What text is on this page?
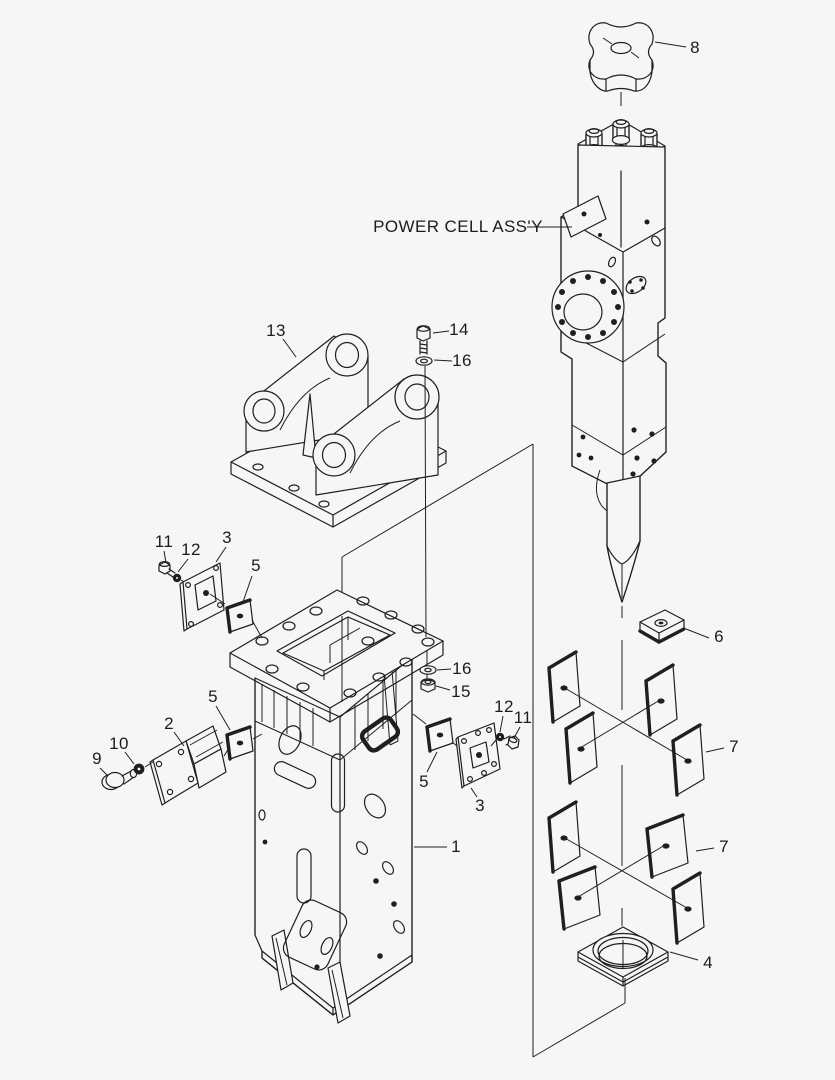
8
POWER CELL ASS'Y
13	14
16
11 12
3
5
5
2
10
9
16
15
12
11
5
3
1
6
7
7
4
